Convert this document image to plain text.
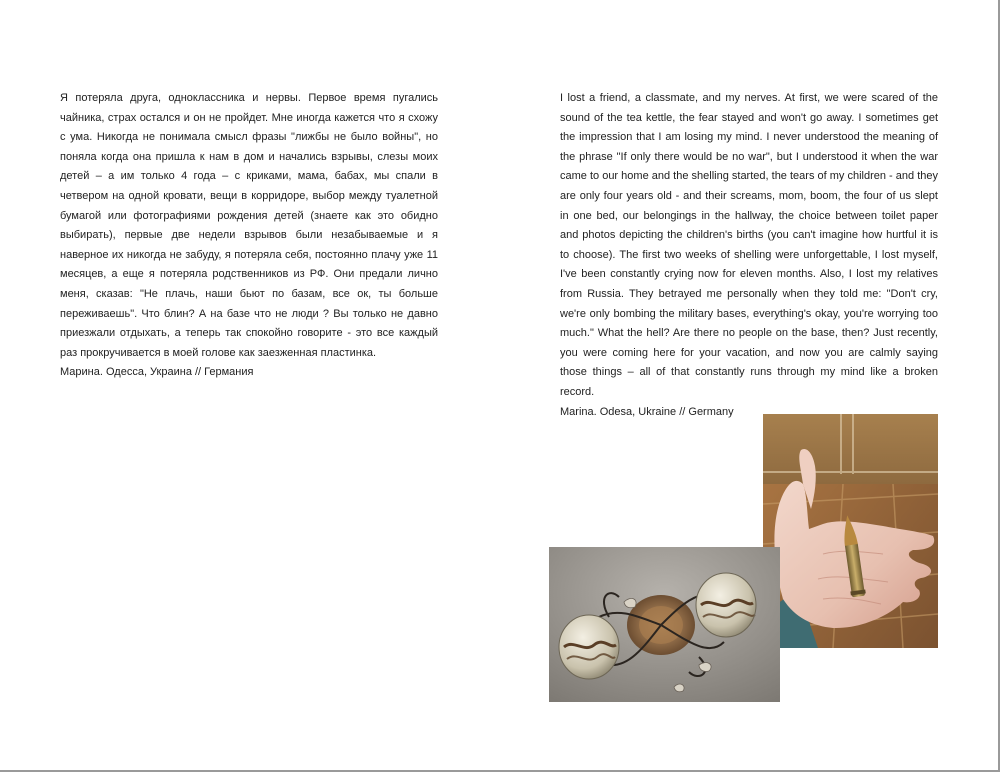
Я потеряла друга, одноклассника и нервы. Первое время пугались чайника, страх остался и он не пройдет. Мне иногда кажется что я схожу с ума. Никогда не понимала смысл фразы "лижбы не было войны", но поняла когда она пришла к нам в дом и начались взрывы, слезы моих детей – а им только 4 года – с криками, мама, бабах, мы спали в четвером на одной кровати, вещи в корридоре, выбор между туалетной бумагой или фотографиями рождения детей (знаете как это обидно выбирать), первые две недели взрывов были незабываемые и я наверное их никогда не забуду, я потеряла себя, постоянно плачу уже 11 месяцев, а еще я потеряла родственников из РФ. Они предали лично меня, сказав: "Не плачь, наши бьют по базам, все ок, ты больше переживаешь". Что блин? А на базе что не люди ? Вы только не давно приезжали отдыхать, а теперь так спокойно говорите - это все каждый раз прокручивается в моей голове как заезженная пластинка.

Марина. Одесса, Украина // Германия

I lost a friend, a classmate, and my nerves. At first, we were scared of the sound of the tea kettle, the fear stayed and won't go away. I sometimes get the impression that I am losing my mind. I never understood the meaning of the phrase "If only there would be no war", but I understood it when the war came to our home and the shelling started, the tears of my children - and they are only four years old - and their screams, mom, boom, the four of us slept in one bed, our belongings in the hallway, the choice between toilet paper and photos depicting the children's births (you can't imagine how hurtful it is to choose). The first two weeks of shelling were unforgettable, I lost myself, I've been constantly crying now for eleven months. Also, I lost my relatives from Russia. They betrayed me personally when they told me: "Don't cry, we're only bombing the military bases, everything's okay, you're worrying too much." What the hell? Are there no people on the base, then? Just recently, you were coming here for your vacation, and now you are calmly saying those things – all of that constantly runs through my mind like a broken record.

Marina. Odesa, Ukraine // Germany
